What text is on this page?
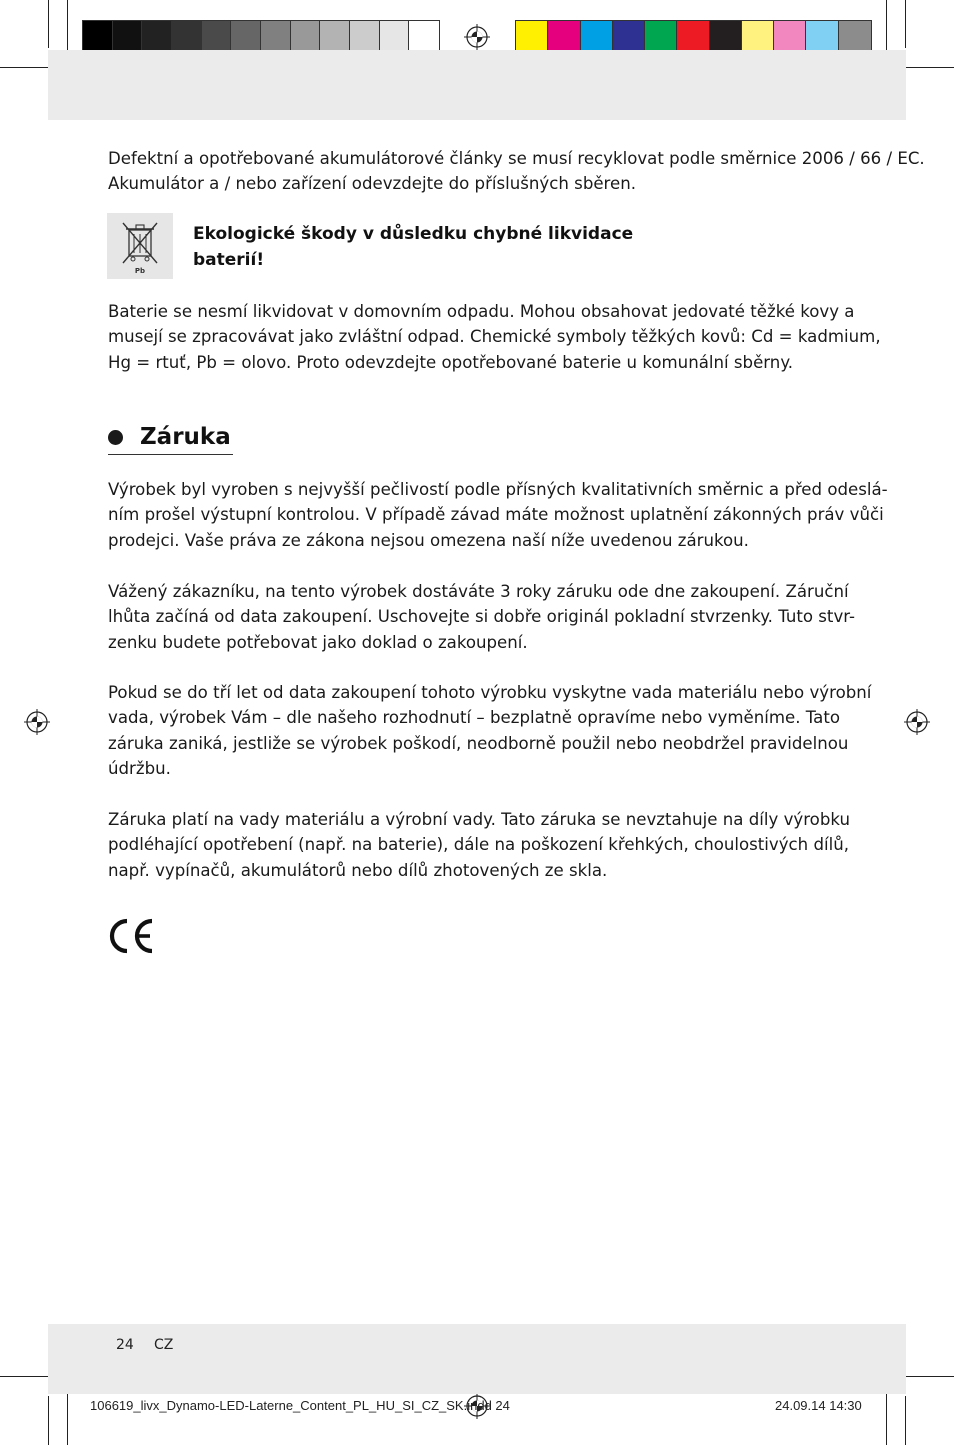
Defektní a opotřebované akumulátorové články se musí recyklovat podle směrnice 2006 / 66 / EC.
Akumulátor a / nebo zařízení odevzdejte do příslušných sběren.
Pb
Ekologické škody v důsledku chybné likvidace
baterií!
Baterie se nesmí likvidovat v domovním odpadu. Mohou obsahovat jedovaté těžké kovy a
musejí se zpracovávat jako zvláštní odpad. Chemické symboly těžkých kovů: Cd = kadmium,
Hg = rtuť, Pb = olovo. Proto odevzdejte opotřebované baterie u komunální sběrny.
Záruka
Výrobek byl vyroben s nejvyšší pečlivostí podle přísných kvalitativních směrnic a před odeslá-
ním prošel výstupní kontrolou. V případě závad máte možnost uplatnění zákonných práv vůči
prodejci. Vaše práva ze zákona nejsou omezena naší níže uvedenou zárukou.
Vážený zákazníku, na tento výrobek dostáváte 3 roky záruku ode dne zakoupení. Záruční
lhůta začíná od data zakoupení. Uschovejte si dobře originál pokladní stvrzenky. Tuto stvr-
zenku budete potřebovat jako doklad o zakoupení.
Pokud se do tří let od data zakoupení tohoto výrobku vyskytne vada materiálu nebo výrobní
vada, výrobek Vám – dle našeho rozhodnutí – bezplatně opravíme nebo vyměníme. Tato
záruka zaniká, jestliže se výrobek poškodí, neodborně použil nebo neobdržel pravidelnou
údržbu.
Záruka platí na vady materiálu a výrobní vady. Tato záruka se nevztahuje na díly výrobku
podléhající opotřebení (např. na baterie), dále na poškození křehkých, choulostivých dílů,
např. vypínačů, akumulátorů nebo dílů zhotovených ze skla.
24 CZ
106619_livx_Dynamo-LED-Laterne_Content_PL_HU_SI_CZ_SK.indd 24	24.09.14 14:30
